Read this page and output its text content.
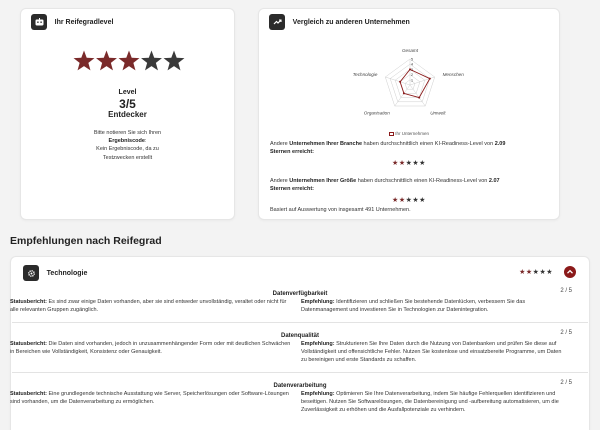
Ihr Reifegradlevel
Level
3/5
Entdecker
Bitte notieren Sie sich Ihren
Ergebniscode:
Kein Ergebniscode, da zu
Testzwecken erstellt
Vergleich zu anderen Unternehmen
Gesamt
Menschen
Umwelt
Organisation
Technologie
5
4
3
2
1
Ihr Unternehmen

Andere Unternehmen Ihrer Branche haben durchschnittlich einen KI-Readiness-Level von 2.09
Sternen erreicht:

★★★★★

Andere Unternehmen Ihrer Größe haben durchschnittlich einen KI-Readiness-Level von 2.07
Sternen erreicht:

★★★★★

Basiert auf Auswertung von insgesamt 491 Unternehmen.

Empfehlungen nach Reifegrad
Technologie	★★★★★
Datenverfügbarkeit	2 / 5
Statusbericht: Es sind zwar einige Daten vorhanden, aber sie sind entweder unvollständig, veraltet oder nicht für alle relevanten Gruppen zugänglich.
Empfehlung: Identifizieren und schließen Sie bestehende Datenlücken, verbessern Sie das Datenmanagement und investieren Sie in Technologien zur Datenintegration.
Datenqualität	2 / 5
Statusbericht: Die Daten sind vorhanden, jedoch in unzusammenhängender Form oder mit deutlichen Schwächen in Bereichen wie Vollständigkeit, Konsistenz oder Genauigkeit.
Empfehlung: Strukturieren Sie Ihre Daten durch die Nutzung von Datenbanken und prüfen Sie diese auf Vollständigkeit und offensichtliche Fehler. Nutzen Sie kostenlose und einsatzbereite Programme, um Daten zu bereinigen und erste Standards zu schaffen.
Datenverarbeitung	2 / 5
Statusbericht: Eine grundlegende technische Ausstattung wie Server, Speicherlösungen oder Software-Lösungen sind vorhanden, um die Datenverarbeitung zu ermöglichen.
Empfehlung: Optimieren Sie Ihre Datenverarbeitung, indem Sie häufige Fehlerquellen identifizieren und beseitigen. Nutzen Sie Softwarelösungen, die Datenbereinigung und -aufbereitung automatisieren, um die Zuverlässigkeit zu erhöhen und die Ausfallpotenziale zu verhindern.
